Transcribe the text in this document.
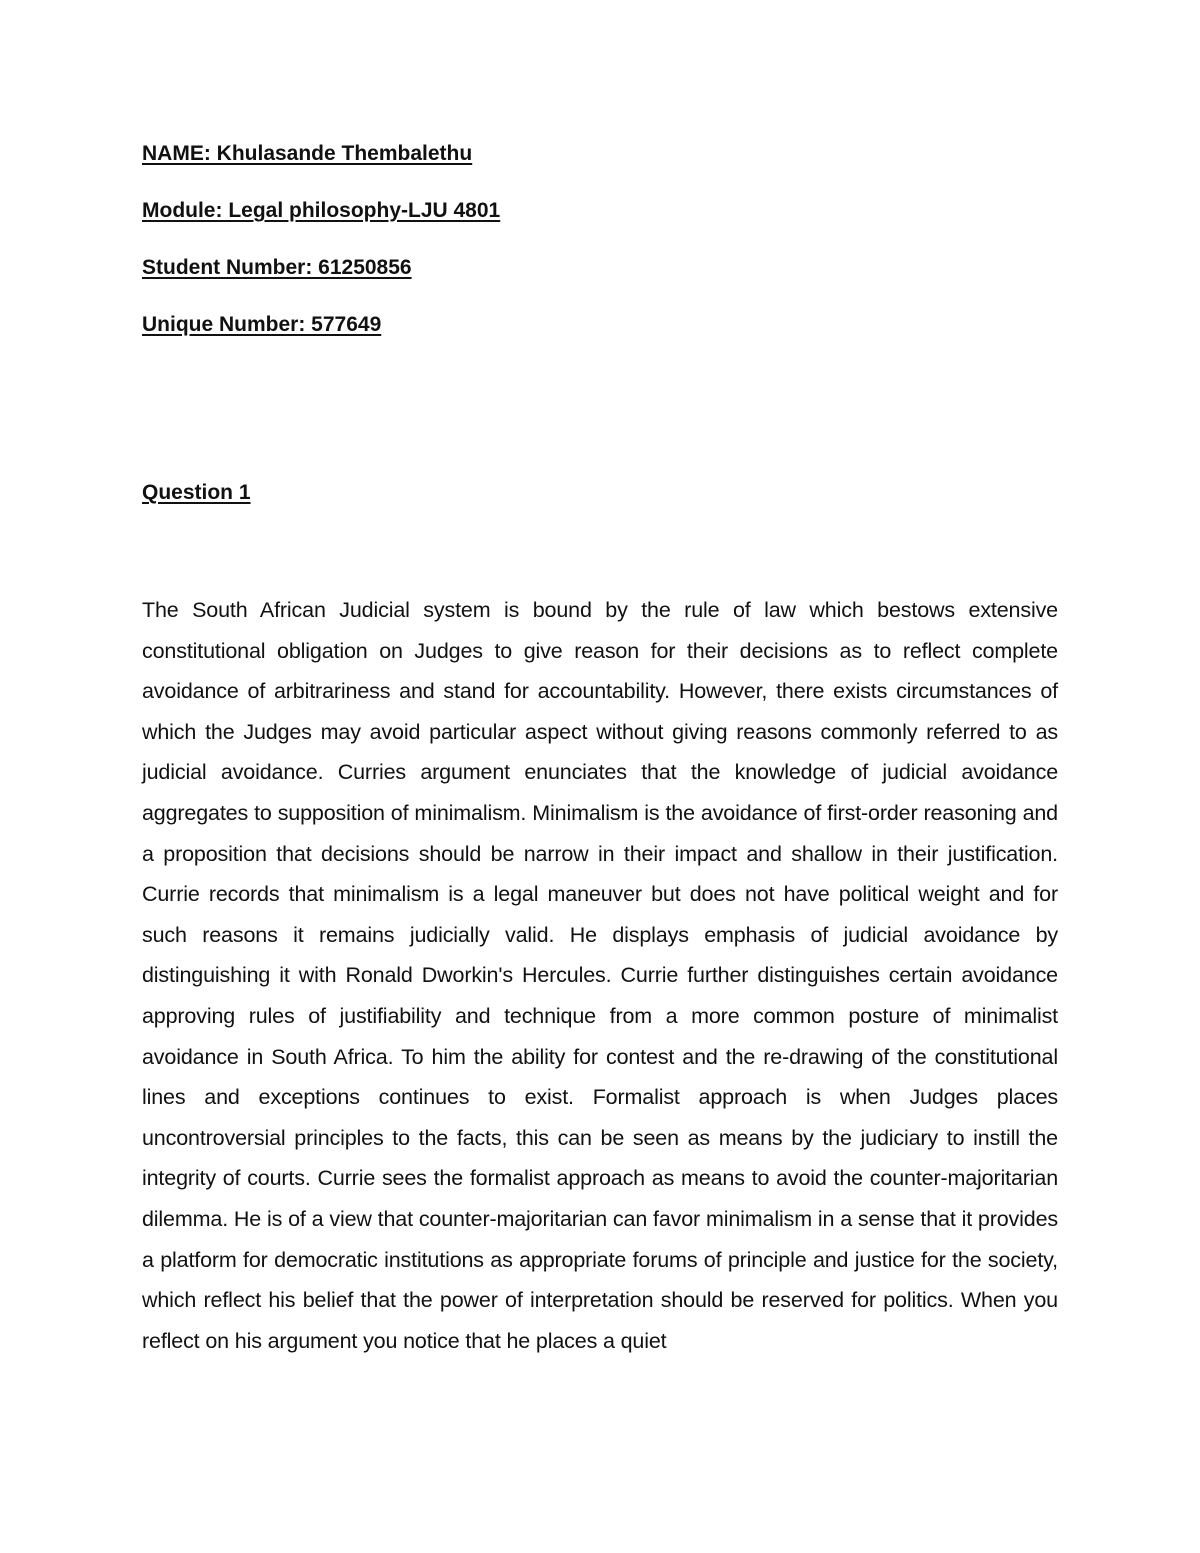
NAME: Khulasande Thembalethu
Module: Legal philosophy-LJU 4801
Student Number: 61250856
Unique Number: 577649
Question 1

The South African Judicial system is bound by the rule of law which bestows extensive constitutional obligation on Judges to give reason for their decisions as to reflect complete avoidance of arbitrariness and stand for accountability. However, there exists circumstances of which the Judges may avoid particular aspect without giving reasons commonly referred to as judicial avoidance. Curries argument enunciates that the knowledge of judicial avoidance aggregates to supposition of minimalism. Minimalism is the avoidance of first-order reasoning and a proposition that decisions should be narrow in their impact and shallow in their justification. Currie records that minimalism is a legal maneuver but does not have political weight and for such reasons it remains judicially valid. He displays emphasis of judicial avoidance by distinguishing it with Ronald Dworkin's Hercules. Currie further distinguishes certain avoidance approving rules of justifiability and technique from a more common posture of minimalist avoidance in South Africa. To him the ability for contest and the re-drawing of the constitutional lines and exceptions continues to exist. Formalist approach is when Judges places uncontroversial principles to the facts, this can be seen as means by the judiciary to instill the integrity of courts. Currie sees the formalist approach as means to avoid the counter-majoritarian dilemma. He is of a view that counter-majoritarian can favor minimalism in a sense that it provides a platform for democratic institutions as appropriate forums of principle and justice for the society, which reflect his belief that the power of interpretation should be reserved for politics. When you reflect on his argument you notice that he places a quiet
